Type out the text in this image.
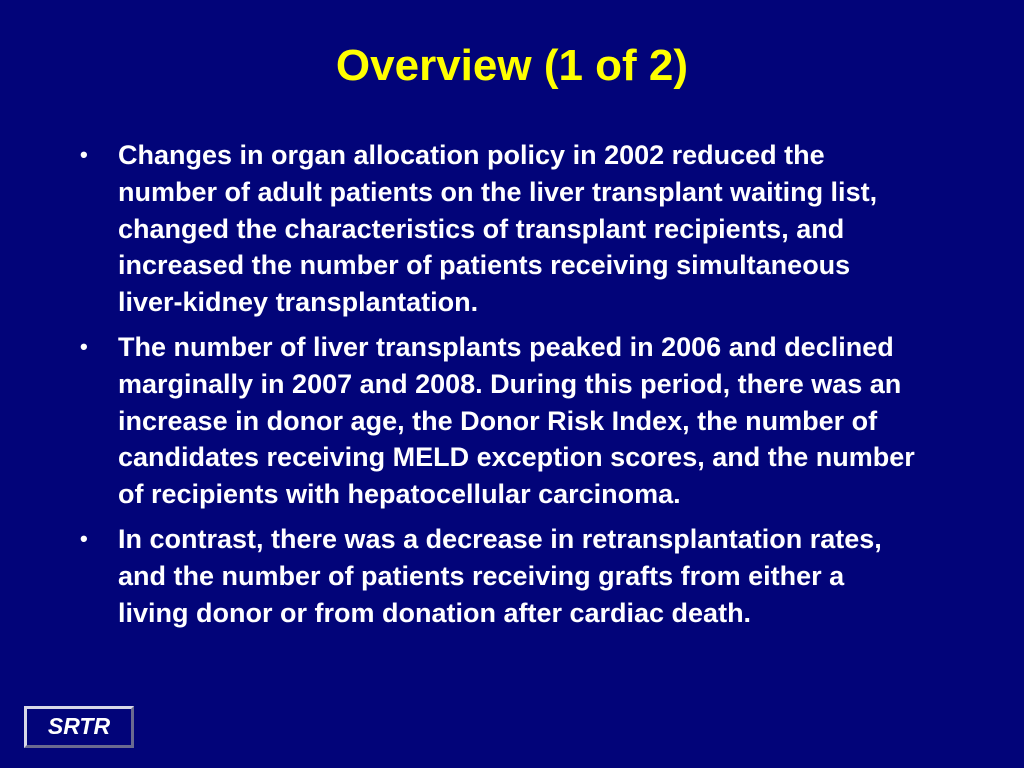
Overview (1 of 2)
•	Changes in organ allocation policy in 2002 reduced the number of adult patients on the liver transplant waiting list, changed the characteristics of transplant recipients, and increased the number of patients receiving simultaneous liver-kidney transplantation.
•	The number of liver transplants peaked in 2006 and declined marginally in 2007 and 2008. During this period, there was an increase in donor age, the Donor Risk Index, the number of candidates receiving MELD exception scores, and the number of recipients with hepatocellular carcinoma.
•	In contrast, there was a decrease in retransplantation rates, and the number of patients receiving grafts from either a living donor or from donation after cardiac death.
SRTR
